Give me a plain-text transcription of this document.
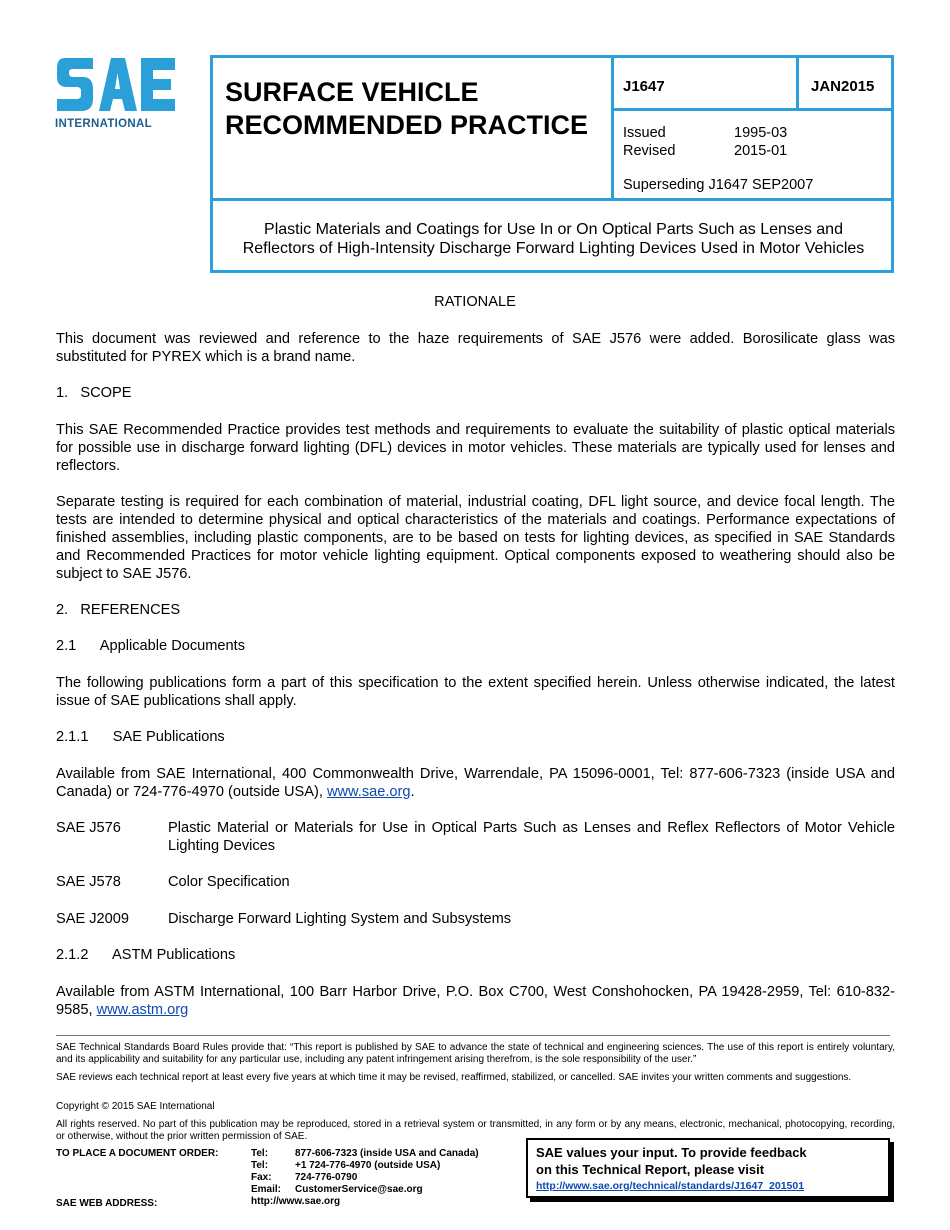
INTERNATIONAL
SURFACE VEHICLE
RECOMMENDED PRACTICE
J1647	JAN2015
Issued	1995-03
Revised	2015-01
Superseding J1647 SEP2007
Plastic Materials and Coatings for Use In or On Optical Parts Such as Lenses and
Reflectors of High-Intensity Discharge Forward Lighting Devices Used in Motor Vehicles
RATIONALE
This document was reviewed and reference to the haze requirements of SAE J576 were added. Borosilicate glass was substituted for PYREX which is a brand name.
1.   SCOPE
This SAE Recommended Practice provides test methods and requirements to evaluate the suitability of plastic optical materials for possible use in discharge forward lighting (DFL) devices in motor vehicles. These materials are typically used for lenses and reflectors.
Separate testing is required for each combination of material, industrial coating, DFL light source, and device focal length. The tests are intended to determine physical and optical characteristics of the materials and coatings. Performance expectations of finished assemblies, including plastic components, are to be based on tests for lighting devices, as specified in SAE Standards and Recommended Practices for motor vehicle lighting equipment. Optical components exposed to weathering should also be subject to SAE J576.
2.   REFERENCES
2.1      Applicable Documents
The following publications form a part of this specification to the extent specified herein. Unless otherwise indicated, the latest issue of SAE publications shall apply.
2.1.1      SAE Publications
Available from SAE International, 400 Commonwealth Drive, Warrendale, PA 15096-0001, Tel: 877-606-7323 (inside USA and Canada) or 724-776-4970 (outside USA), www.sae.org.
SAE J576	Plastic Material or Materials for Use in Optical Parts Such as Lenses and Reflex Reflectors of Motor Vehicle Lighting Devices
SAE J578	Color Specification
SAE J2009	Discharge Forward Lighting System and Subsystems
2.1.2      ASTM Publications
Available from ASTM International, 100 Barr Harbor Drive, P.O. Box C700, West Conshohocken, PA 19428-2959, Tel: 610-832-9585, www.astm.org
SAE Technical Standards Board Rules provide that: “This report is published by SAE to advance the state of technical and engineering sciences. The use of this report is entirely voluntary, and its applicability and suitability for any particular use, including any patent infringement arising therefrom, is the sole responsibility of the user.”
SAE reviews each technical report at least every five years at which time it may be revised, reaffirmed, stabilized, or cancelled. SAE invites your written comments and suggestions.
Copyright © 2015 SAE International
All rights reserved. No part of this publication may be reproduced, stored in a retrieval system or transmitted, in any form or by any means, electronic, mechanical, photocopying, recording, or otherwise, without the prior written permission of SAE.
TO PLACE A DOCUMENT ORDER:
SAE WEB ADDRESS:
Tel:	877-606-7323 (inside USA and Canada)
Tel:	+1 724-776-4970 (outside USA)
Fax: 724-776-0790
Email: CustomerService@sae.org
http://www.sae.org
SAE values your input. To provide feedback
on this Technical Report, please visit
http://www.sae.org/technical/standards/J1647_201501
